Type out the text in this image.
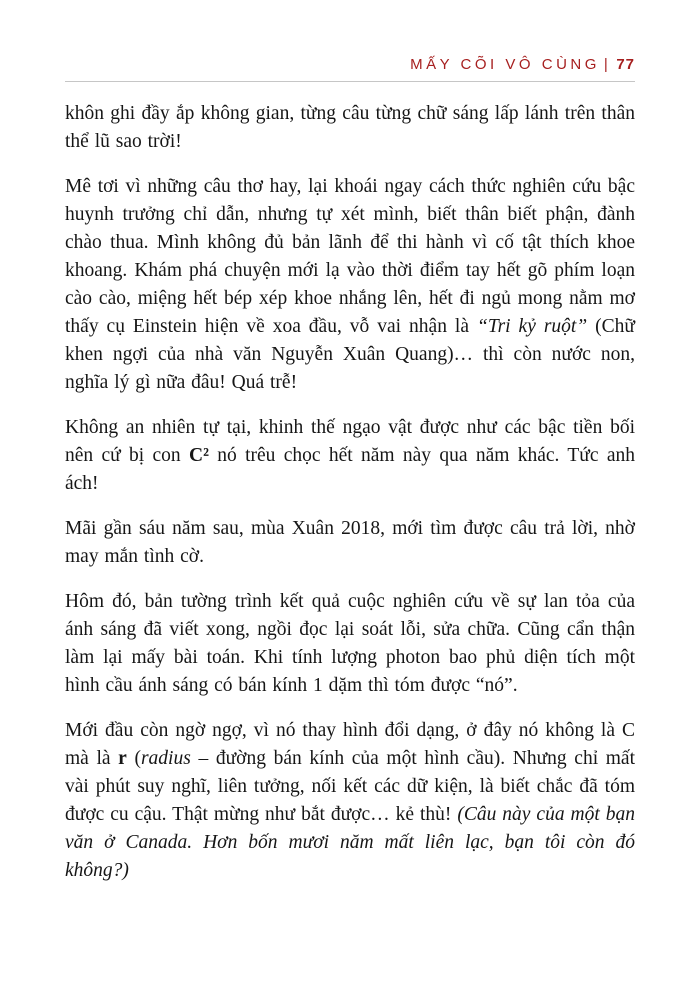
MẤY CÕI VÔ CÙNG | 77

khôn ghi đầy ắp không gian, từng câu từng chữ sáng lấp lánh trên thân thể lũ sao trời!

Mê tơi vì những câu thơ hay, lại khoái ngay cách thức nghiên cứu bậc huynh trưởng chỉ dẫn, nhưng tự xét mình, biết thân biết phận, đành chào thua. Mình không đủ bản lãnh để thi hành vì cố tật thích khoe khoang. Khám phá chuyện mới lạ vào thời điểm tay hết gõ phím loạn cào cào, miệng hết bép xép khoe nhắng lên, hết đi ngủ mong nằm mơ thấy cụ Einstein hiện về xoa đầu, vỗ vai nhận là “Tri kỷ ruột” (Chữ khen ngợi của nhà văn Nguyễn Xuân Quang)… thì còn nước non, nghĩa lý gì nữa đâu! Quá trễ!

Không an nhiên tự tại, khinh thế ngạo vật được như các bậc tiền bối nên cứ bị con C² nó trêu chọc hết năm này qua năm khác. Tức anh ách!

Mãi gần sáu năm sau, mùa Xuân 2018, mới tìm được câu trả lời, nhờ may mắn tình cờ.

Hôm đó, bản tường trình kết quả cuộc nghiên cứu về sự lan tỏa của ánh sáng đã viết xong, ngồi đọc lại soát lỗi, sửa chữa. Cũng cẩn thận làm lại mấy bài toán. Khi tính lượng photon bao phủ diện tích một hình cầu ánh sáng có bán kính 1 dặm thì tóm được “nó”.

Mới đầu còn ngờ ngợ, vì nó thay hình đổi dạng, ở đây nó không là C mà là r (radius – đường bán kính của một hình cầu). Nhưng chỉ mất vài phút suy nghĩ, liên tưởng, nối kết các dữ kiện, là biết chắc đã tóm được cu cậu. Thật mừng như bắt được… kẻ thù! (Câu này của một bạn văn ở Canada. Hơn bốn mươi năm mất liên lạc, bạn tôi còn đó không?)
